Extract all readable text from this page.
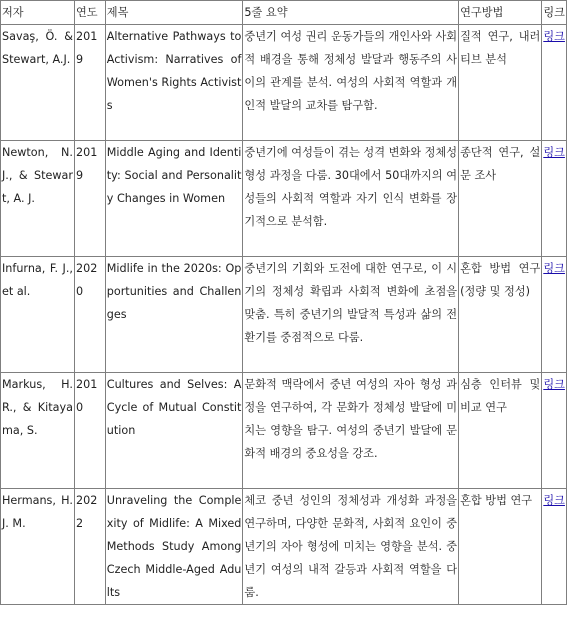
저자	연도	제목	5줄 요약	연구방법	링크
Savaş, Ö. & Stewart, A.J.	2019	Alternative Pathways to Activism: Narratives of Women's Rights Activists	중년기 여성 권리 운동가들의 개인사와 사회적 배경을 통해 정체성 발달과 행동주의 사이의 관계를 분석. 여성의 사회적 역할과 개인적 발달의 교차를 탐구함.	질적 연구, 내러티브 분석	링크
Newton, N. J., & Stewart, A. J.	2019	Middle Aging and Identity: Social and Personality Changes in Women	중년기에 여성들이 겪는 성격 변화와 정체성 형성 과정을 다룸. 30대에서 50대까지의 여성들의 사회적 역할과 자기 인식 변화를 장기적으로 분석함.	종단적 연구, 설문 조사	링크
Infurna, F. J., et al.	2020	Midlife in the 2020s: Opportunities and Challenges	중년기의 기회와 도전에 대한 연구로, 이 시기의 정체성 확립과 사회적 변화에 초점을 맞춤. 특히 중년기의 발달적 특성과 삶의 전환기를 중점적으로 다룸.	혼합 방법 연구 (정량 및 정성)	링크
Markus, H. R., & Kitayama, S.	2010	Cultures and Selves: A Cycle of Mutual Constitution	문화적 맥락에서 중년 여성의 자아 형성 과정을 연구하여, 각 문화가 정체성 발달에 미치는 영향을 탐구. 여성의 중년기 발달에 문화적 배경의 중요성을 강조.	심층 인터뷰 및 비교 연구	링크
Hermans, H. J. M.	2022	Unraveling the Complexity of Midlife: A Mixed Methods Study Among Czech Middle-Aged Adults	체코 중년 성인의 정체성과 개성화 과정을 연구하며, 다양한 문화적, 사회적 요인이 중년기의 자아 형성에 미치는 영향을 분석. 중년기 여성의 내적 갈등과 사회적 역할을 다룸.	혼합 방법 연구	링크
